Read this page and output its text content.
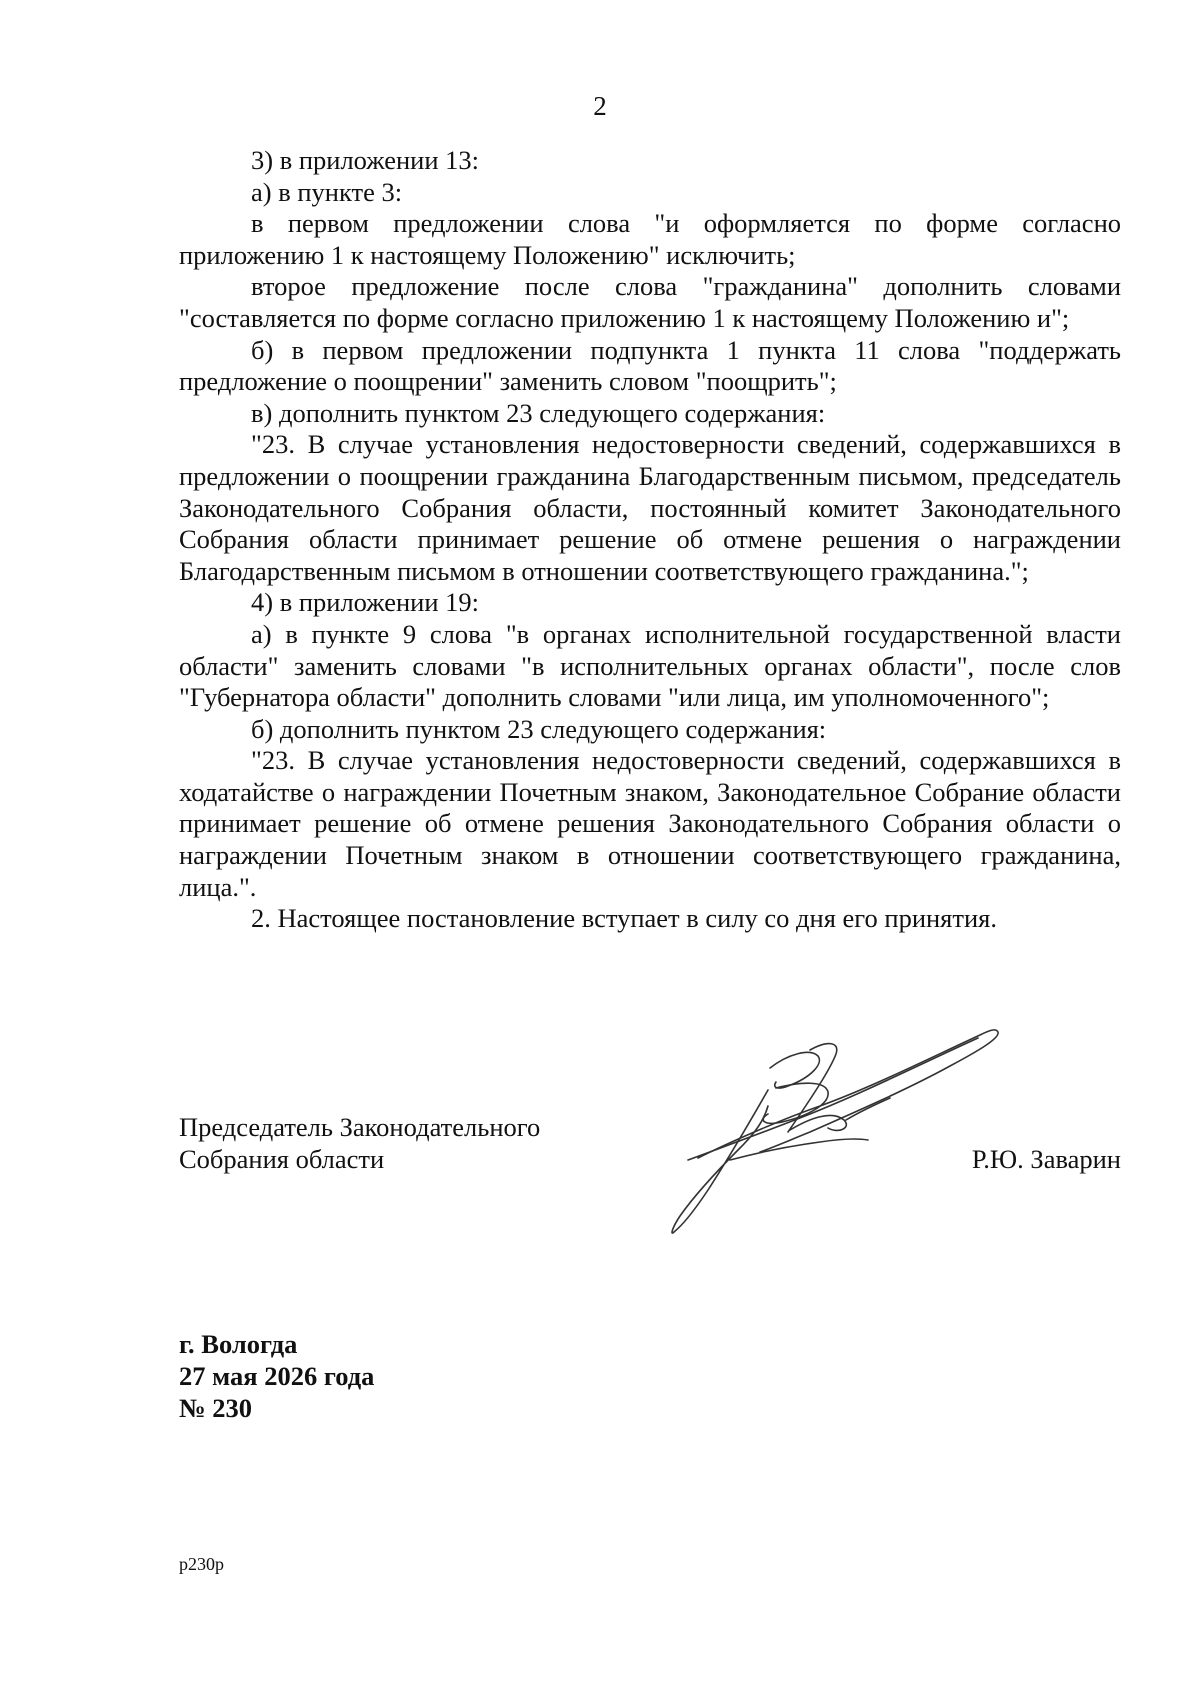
2

3) в приложении 13:

а) в пункте 3:

в первом предложении слова "и оформляется по форме согласно приложению 1 к настоящему Положению" исключить;

второе предложение после слова "гражданина" дополнить словами "составляется по форме согласно приложению 1 к настоящему Положению и";

б) в первом предложении подпункта 1 пункта 11 слова "поддержать предложение о поощрении" заменить словом "поощрить";

в) дополнить пунктом 23 следующего содержания:

"23. В случае установления недостоверности сведений, содержавшихся в предложении о поощрении гражданина Благодарственным письмом, председатель Законодательного Собрания области, постоянный комитет Законодательного Собрания области принимает решение об отмене решения о награждении Благодарственным письмом в отношении соответствующего гражданина.";

4) в приложении 19:

а) в пункте 9 слова "в органах исполнительной государственной власти области" заменить словами "в исполнительных органах области", после слов "Губернатора области" дополнить словами "или лица, им уполномоченного";

б) дополнить пунктом 23 следующего содержания:

"23. В случае установления недостоверности сведений, содержавшихся в ходатайстве о награждении Почетным знаком, Законодательное Собрание области принимает решение об отмене решения Законодательного Собрания области о награждении Почетным знаком в отношении соответствующего гражданина, лица.".

2. Настоящее постановление вступает в силу со дня его принятия.

Председатель Законодательного
Собрания области	Р.Ю. Заварин
г. Вологда
27 мая 2026 года
№ 230
p230p
